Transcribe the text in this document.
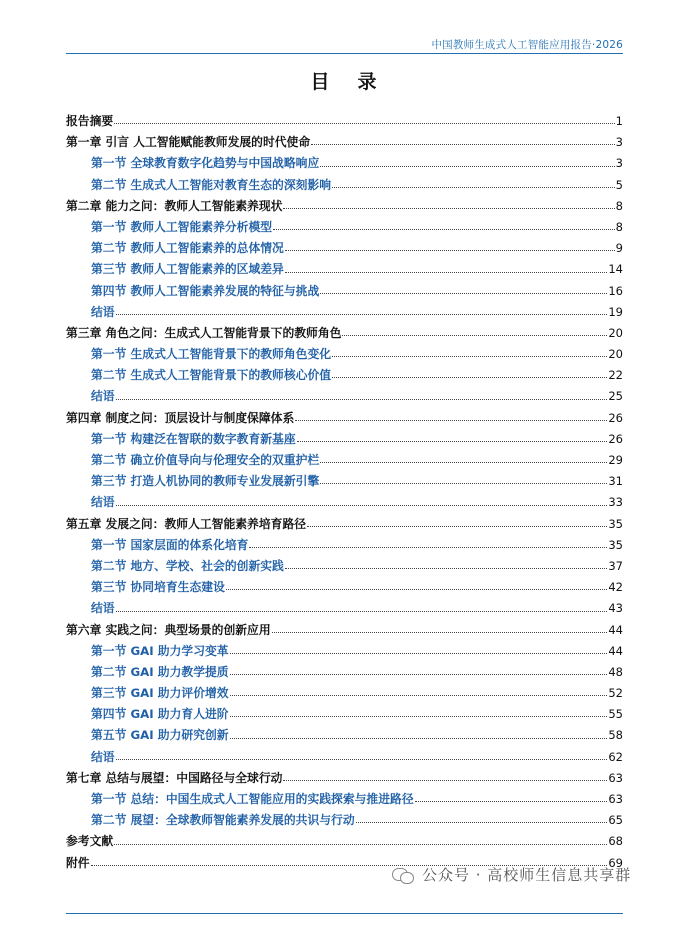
中国教师生成式人工智能应用报告·2026
目录
报告摘要	1
第一章 引言 人工智能赋能教师发展的时代使命	3
第一节 全球教育数字化趋势与中国战略响应	3
第二节 生成式人工智能对教育生态的深刻影响	5
第二章 能力之问：教师人工智能素养现状	8
第一节 教师人工智能素养分析模型	8
第二节 教师人工智能素养的总体情况	9
第三节 教师人工智能素养的区域差异	14
第四节 教师人工智能素养发展的特征与挑战	16
结语	19
第三章 角色之问：生成式人工智能背景下的教师角色	20
第一节 生成式人工智能背景下的教师角色变化	20
第二节 生成式人工智能背景下的教师核心价值	22
结语	25
第四章 制度之问：顶层设计与制度保障体系	26
第一节 构建泛在智联的数字教育新基座	26
第二节 确立价值导向与伦理安全的双重护栏	29
第三节 打造人机协同的教师专业发展新引擎	31
结语	33
第五章 发展之问：教师人工智能素养培育路径	35
第一节 国家层面的体系化培育	35
第二节 地方、学校、社会的创新实践	37
第三节 协同培育生态建设	42
结语	43
第六章 实践之问：典型场景的创新应用	44
第一节 GAI 助力学习变革	44
第二节 GAI 助力教学提质	48
第三节 GAI 助力评价增效	52
第四节 GAI 助力育人进阶	55
第五节 GAI 助力研究创新	58
结语	62
第七章 总结与展望：中国路径与全球行动	63
第一节 总结：中国生成式人工智能应用的实践探索与推进路径	63
第二节 展望：全球教师智能素养发展的共识与行动	65
参考文献	68
附件	69
公众号 · 高校师生信息共享群
